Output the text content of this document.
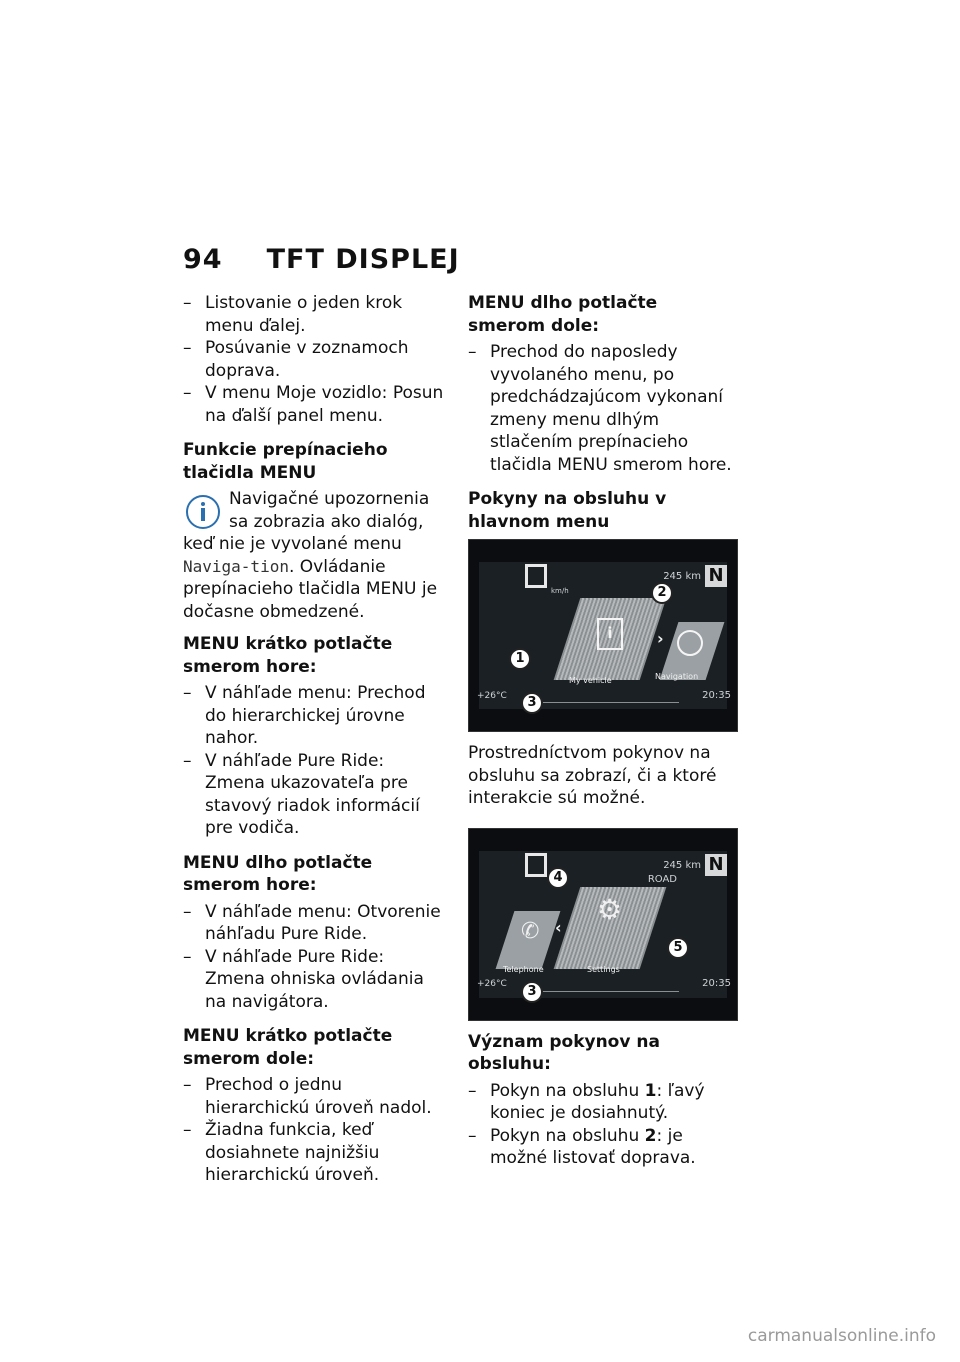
94 TFT DISPLEJ
– Listovanie o jeden krok menu ďalej.
– Posúvanie v zoznamoch doprava.
– V menu Moje vozidlo: Posun na ďalší panel menu.
Funkcie prepínacieho tlačidla MENU
Navigačné upozornenia sa zobrazia ako dialóg, keď nie je vyvolané menu Naviga-tion. Ovládanie prepínacieho tlačidla MENU je dočasne obmedzené.
MENU krátko potlačte smerom hore:
– V náhľade menu: Prechod do hierarchickej úrovne nahor.
– V náhľade Pure Ride: Zmena ukazovateľa pre stavový riadok informácií pre vodiča.
MENU dlho potlačte smerom hore:
– V náhľade menu: Otvorenie náhľadu Pure Ride.
– V náhľade Pure Ride: Zmena ohniska ovládania na navigátora.
MENU krátko potlačte smerom dole:
– Prechod o jednu hierarchickú úroveň nadol.
– Žiadna funkcia, keď dosiahnete najnižšiu hierarchickú úroveň.
MENU dlho potlačte smerom dole:
– Prechod do naposledy vyvolaného menu, po predchádzajúcom vykonaní zmeny menu dlhým stlačením prepínacieho tlačidla MENU smerom hore.
Pokyny na obsluhu v hlavnom menu
km/h
245 km N
i
My vehicle
›
Navigation
+26°C	20:35
1
2
3

Prostredníctvom pokynov na obsluhu sa zobrazí, či a ktoré interakcie sú možné.

245 km
ROAD
N
✆
Telephone
‹
⚙
Settings
+26°C	20:35
3
4
5
Význam pokynov na obsluhu:
– Pokyn na obsluhu 1: ľavý koniec je dosiahnutý.
– Pokyn na obsluhu 2: je možné listovať doprava.
carmanualsonline.info
